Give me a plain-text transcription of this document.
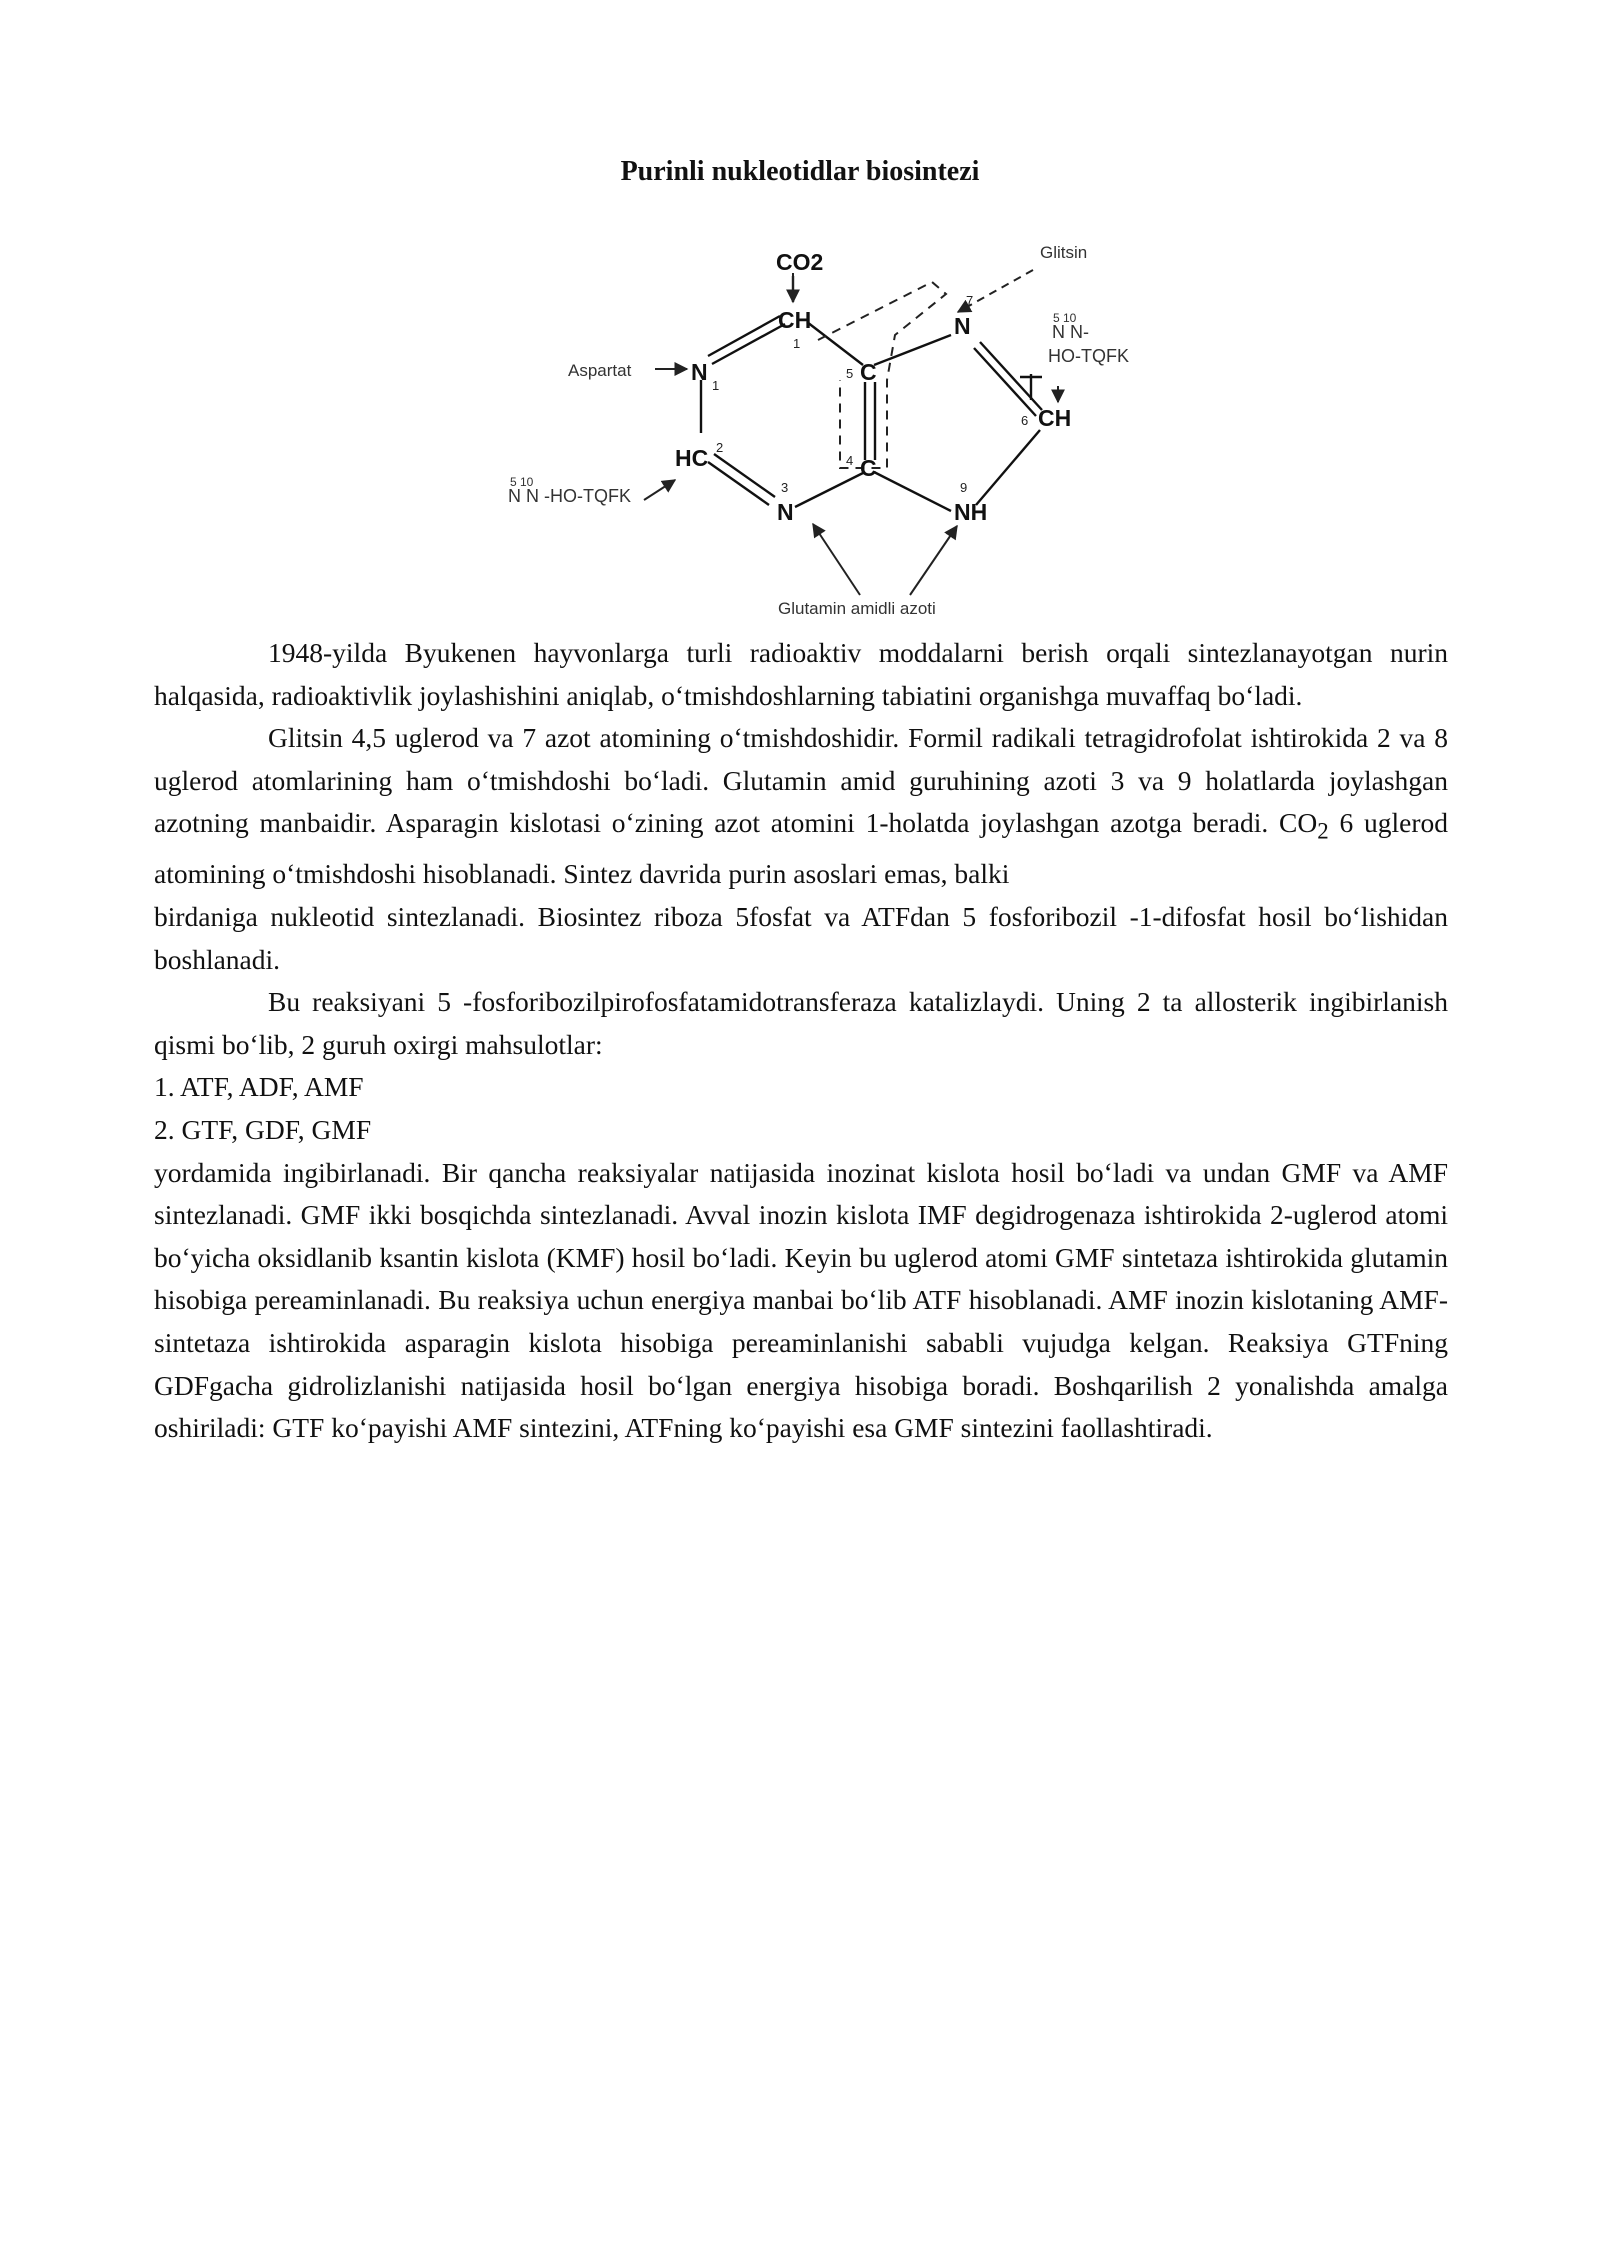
Purinli nukleotidlar biosintezi
CH
N
HC
N
C
C
N
CH
NH
1
1
2
3
4
5
6
7
9
CO2	Glitsin
Aspartat
N N -HO-TQFK
5 10
5 10
N N-
HO-TQFK
Glutamin amidli azoti

1948-yilda Byukenen hayvonlarga turli radioaktiv moddalarni berish orqali sintezlanayotgan nurin halqasida, radioaktivlik joylashishini aniqlab, o‘tmishdoshlarning tabiatini organishga muvaffaq bo‘ladi.

Glitsin 4,5 uglerod va 7 azot atomining o‘tmishdoshidir. Formil radikali tetragidrofolat ishtirokida 2 va 8 uglerod atomlarining ham o‘tmishdoshi bo‘ladi. Glutamin amid guruhining azoti 3 va 9 holatlarda joylashgan azotning manbaidir. Asparagin kislotasi o‘zining azot atomini 1-holatda joylashgan azotga beradi. $CO_2$ 6 uglerod atomining o‘tmishdoshi hisoblanadi. Sintez davrida purin asoslari emas, balki

birdaniga nukleotid sintezlanadi. Biosintez riboza 5fosfat va ATFdan 5 fosforibozil -1-difosfat hosil bo‘lishidan boshlanadi.

Bu reaksiyani 5 -fosforibozilpirofosfatamidotransferaza katalizlaydi. Uning 2 ta allosterik ingibirlanish qismi bo‘lib, 2 guruh oxirgi mahsulotlar:

1. ATF, ADF, AMF

2. GTF, GDF, GMF

yordamida ingibirlanadi. Bir qancha reaksiyalar natijasida inozinat kislota hosil bo‘ladi va undan GMF va AMF sintezlanadi. GMF ikki bosqichda sintezlanadi. Avval inozin kislota IMF degidrogenaza ishtirokida 2-uglerod atomi bo‘yicha oksidlanib ksantin kislota (KMF) hosil bo‘ladi. Keyin bu uglerod atomi GMF sintetaza ishtirokida glutamin hisobiga pereaminlanadi. Bu reaksiya uchun energiya manbai bo‘lib ATF hisoblanadi. AMF inozin kislotaning AMF-sintetaza ishtirokida asparagin kislota hisobiga pereaminlanishi sababli vujudga kelgan. Reaksiya GTFning GDFgacha gidrolizlanishi natijasida hosil bo‘lgan energiya hisobiga boradi. Boshqarilish 2 yonalishda amalga oshiriladi: GTF ko‘payishi AMF sintezini, ATFning ko‘payishi esa GMF sintezini faollashtiradi.
